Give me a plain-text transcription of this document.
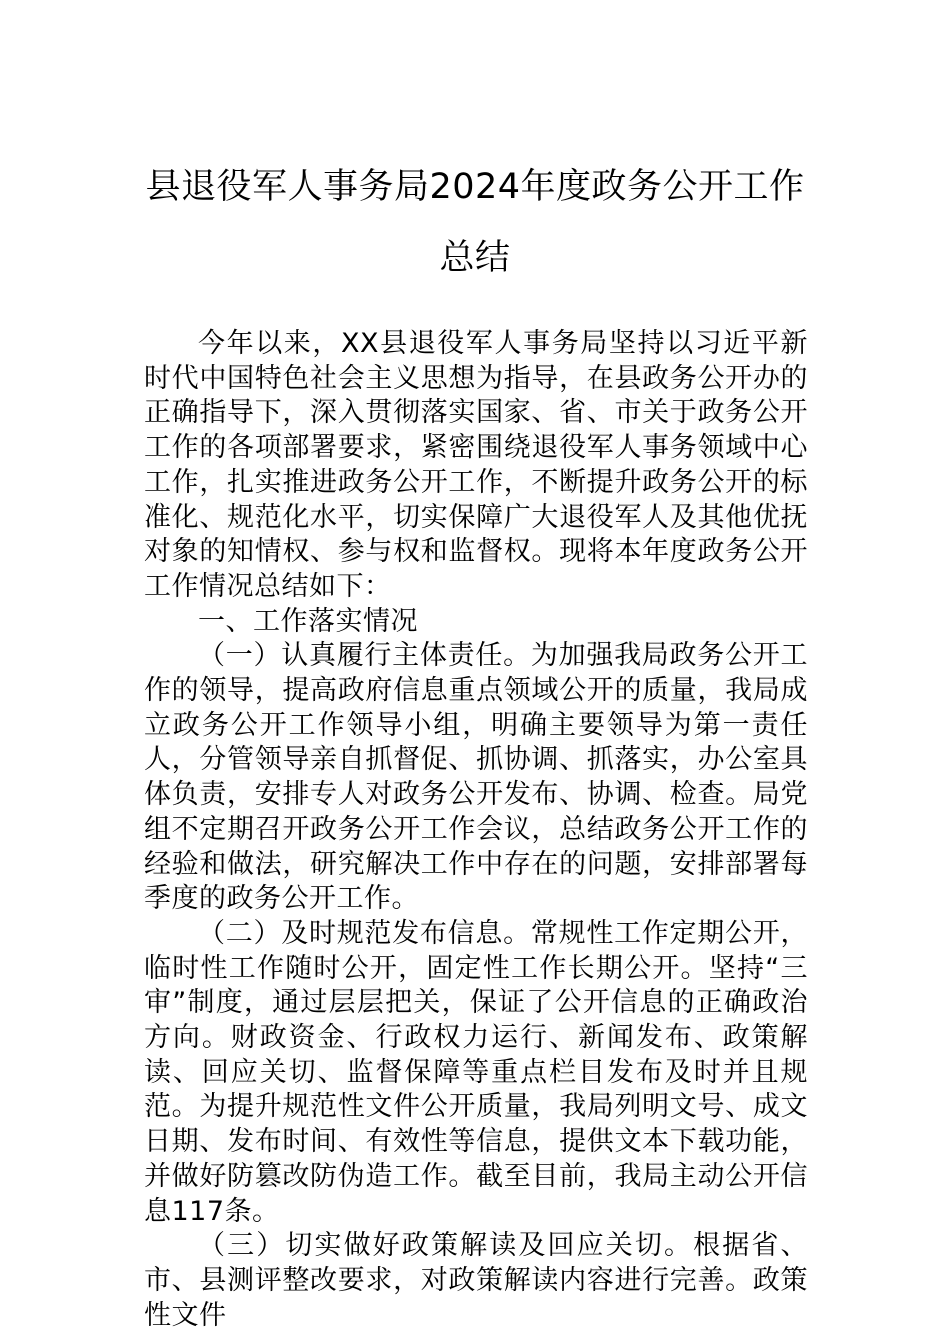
县退役军人事务局2024年度政务公开工作
总结

今年以来，XX县退役军人事务局坚持以习近平新时代中国特色社会主义思想为指导，在县政务公开办的正确指导下，深入贯彻落实国家、省、市关于政务公开工作的各项部署要求，紧密围绕退役军人事务领域中心工作，扎实推进政务公开工作，不断提升政务公开的标准化、规范化水平，切实保障广大退役军人及其他优抚对象的知情权、参与权和监督权。现将本年度政务公开工作情况总结如下：

一、工作落实情况

（一）认真履行主体责任。为加强我局政务公开工作的领导，提高政府信息重点领域公开的质量，我局成立政务公开工作领导小组，明确主要领导为第一责任人，分管领导亲自抓督促、抓协调、抓落实，办公室具体负责，安排专人对政务公开发布、协调、检查。局党组不定期召开政务公开工作会议，总结政务公开工作的经验和做法，研究解决工作中存在的问题，安排部署每季度的政务公开工作。

（二）及时规范发布信息。常规性工作定期公开，临时性工作随时公开，固定性工作长期公开。坚持“三审”制度，通过层层把关，保证了公开信息的正确政治方向。财政资金、行政权力运行、新闻发布、政策解读、回应关切、监督保障等重点栏目发布及时并且规范。为提升规范性文件公开质量，我局列明文号、成文日期、发布时间、有效性等信息，提供文本下载功能，并做好防篡改防伪造工作。截至目前，我局主动公开信息117条。

（三）切实做好政策解读及回应关切。根据省、市、县测评整改要求，对政策解读内容进行完善。政策性文件
